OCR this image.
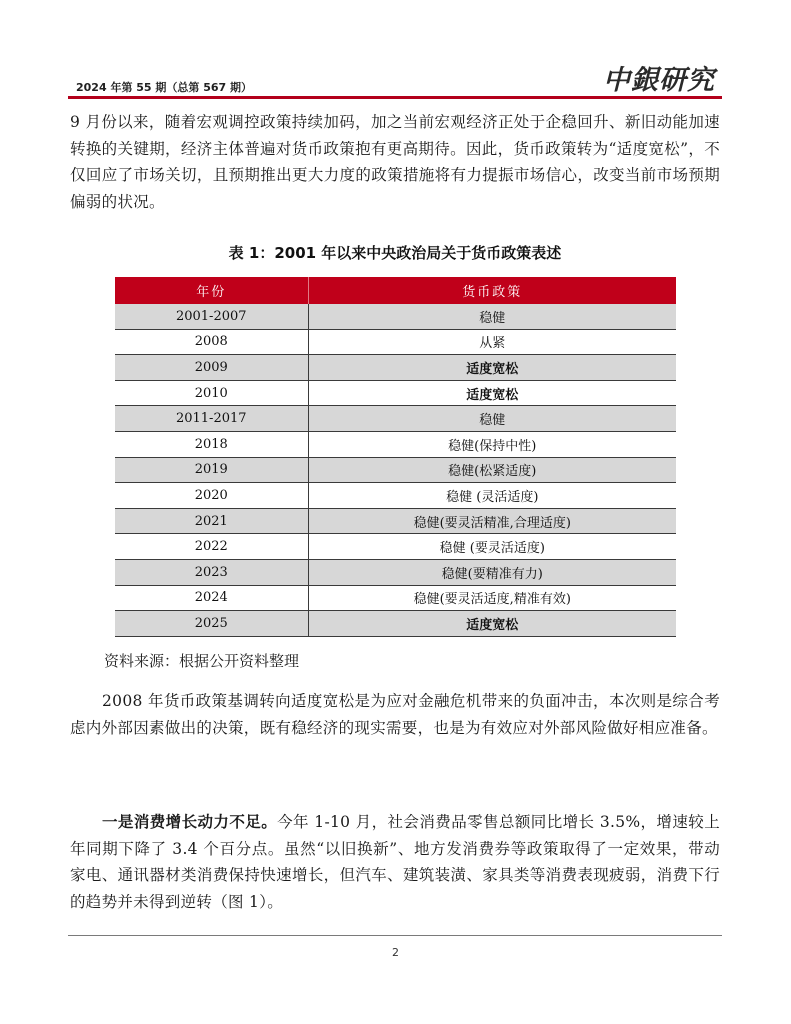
2024 年第 55 期（总第 567 期）	中銀研究

9 月份以来，随着宏观调控政策持续加码，加之当前宏观经济正处于企稳回升、新旧动能加速转换的关键期，经济主体普遍对货币政策抱有更高期待。因此，货币政策转为“适度宽松”，不仅回应了市场关切，且预期推出更大力度的政策措施将有力提振市场信心，改变当前市场预期偏弱的状况。

表 1：2001 年以来中央政治局关于货币政策表述
年份	货币政策
2001-2007	稳健
2008	从紧
2009	适度宽松
2010	适度宽松
2011-2017	稳健
2018	稳健(保持中性)
2019	稳健(松紧适度)
2020	稳健 (灵活适度)
2021	稳健(要灵活精准,合理适度)
2022	稳健 (要灵活适度)
2023	稳健(要精准有力)
2024	稳健(要灵活适度,精准有效)
2025	适度宽松
资料来源：根据公开资料整理

2008 年货币政策基调转向适度宽松是为应对金融危机带来的负面冲击，本次则是综合考虑内外部因素做出的决策，既有稳经济的现实需要，也是为有效应对外部风险做好相应准备。

一是消费增长动力不足。今年 1-10 月，社会消费品零售总额同比增长 3.5%，增速较上年同期下降了 3.4 个百分点。虽然“以旧换新”、地方发消费券等政策取得了一定效果，带动家电、通讯器材类消费保持快速增长，但汽车、建筑装潢、家具类等消费表现疲弱，消费下行的趋势并未得到逆转（图 1）。

2
